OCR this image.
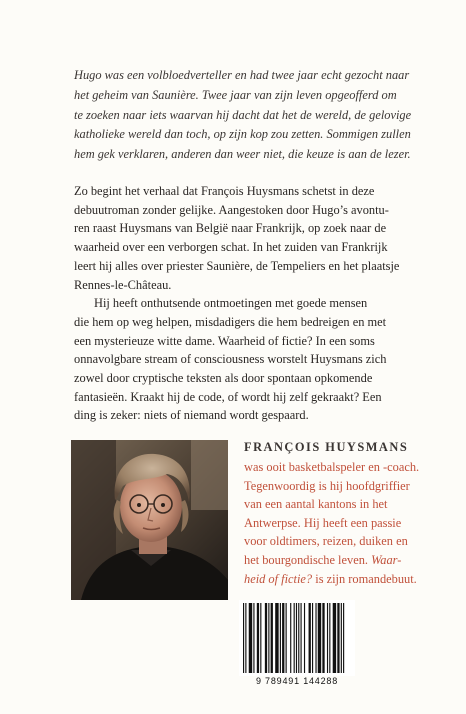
Hugo was een volbloedverteller en had twee jaar echt gezocht naar
het geheim van Saunière. Twee jaar van zijn leven opgeofferd om
te zoeken naar iets waarvan hij dacht dat het de wereld, de gelovige
katholieke wereld dan toch, op zijn kop zou zetten. Sommigen zullen
hem gek verklaren, anderen dan weer niet, die keuze is aan de lezer.
Zo begint het verhaal dat François Huysmans schetst in deze
debuutroman zonder gelijke. Aangestoken door Hugo’s avontu-
ren raast Huysmans van België naar Frankrijk, op zoek naar de
waarheid over een verborgen schat. In het zuiden van Frankrijk
leert hij alles over priester Saunière, de Tempeliers en het plaatsje
Rennes-le-Château.
Hij heeft onthutsende ontmoetingen met goede mensen
die hem op weg helpen, misdadigers die hem bedreigen en met
een mysterieuze witte dame. Waarheid of fictie? In een soms
onnavolgbare stream of consciousness worstelt Huysmans zich
zowel door cryptische teksten als door spontaan opkomende
fantasieën. Kraakt hij de code, of wordt hij zelf gekraakt? Een
ding is zeker: niets of niemand wordt gespaard.
FRANÇOIS HUYSMANS
was ooit basketbalspeler en -coach.
Tegenwoordig is hij hoofdgriffier
van een aantal kantons in het
Antwerpse. Hij heeft een passie
voor oldtimers, reizen, duiken en
het bourgondische leven. Waar-
heid of fictie? is zijn romandebuut.
9 789491 144288
